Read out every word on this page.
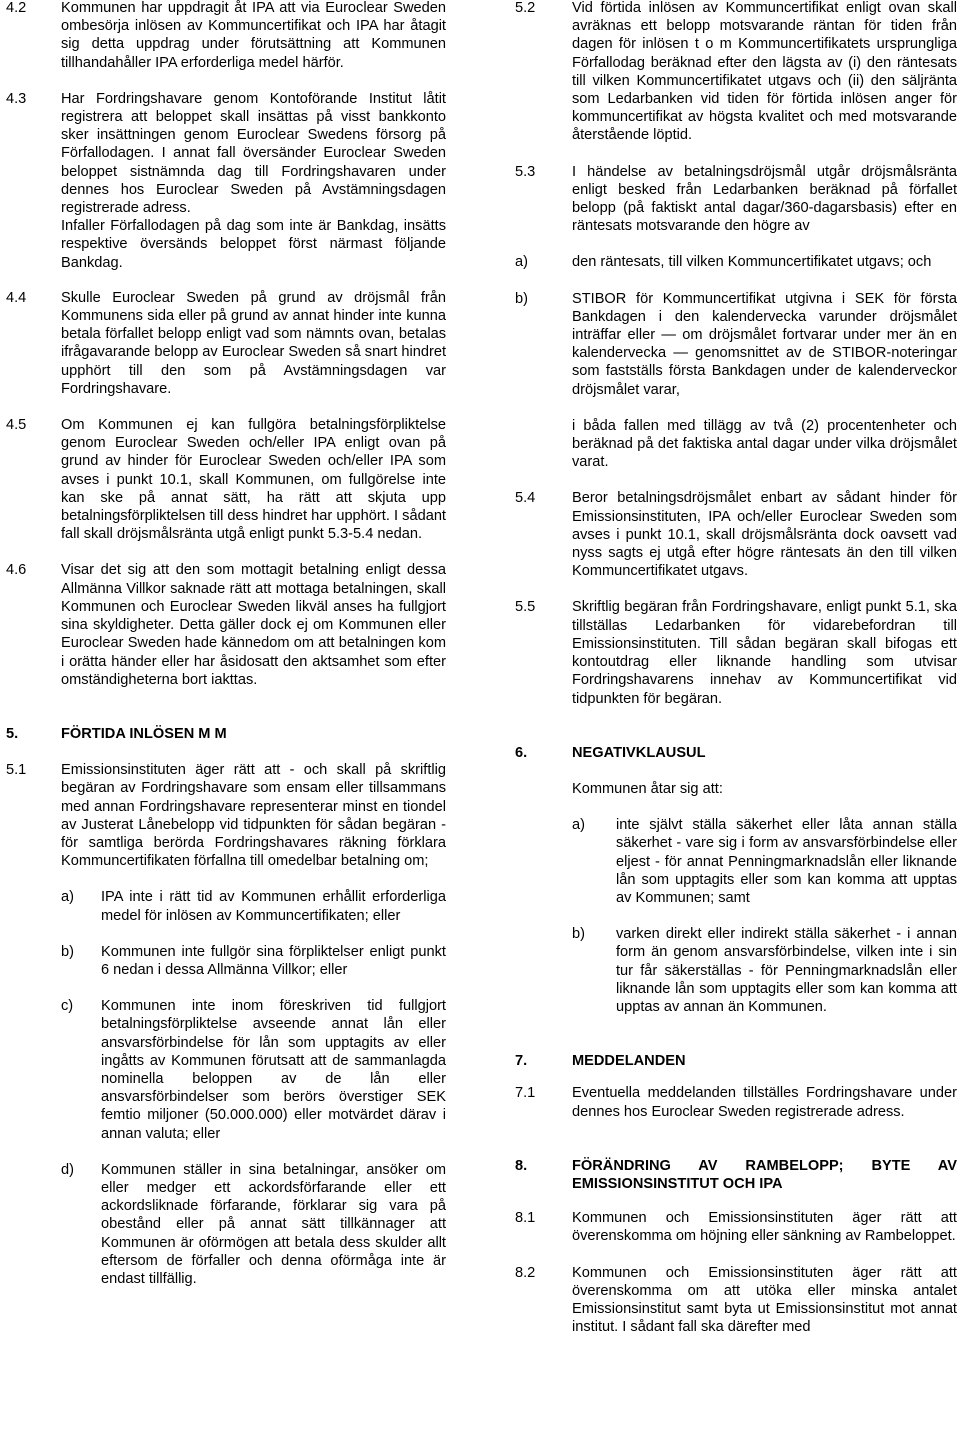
4.2	Kommunen har uppdragit åt IPA att via Euroclear Sweden ombesörja inlösen av Kommuncertifikat och IPA har åtagit sig detta uppdrag under förutsättning att Kommunen tillhandahåller IPA erforderliga medel härför.

4.3	Har Fordringshavare genom Kontoförande Institut låtit registrera att beloppet skall insättas på visst bankkonto sker insättningen genom Euroclear Swedens försorg på Förfallodagen. I annat fall översänder Euroclear Sweden beloppet sistnämnda dag till Fordringshavaren under dennes hos Euroclear Sweden på Avstämningsdagen registrerade adress.

Infaller Förfallodagen på dag som inte är Bankdag, insätts respektive översänds beloppet först närmast följande Bankdag.

4.4	Skulle Euroclear Sweden på grund av dröjsmål från Kommunens sida eller på grund av annat hinder inte kunna betala förfallet belopp enligt vad som nämnts ovan, betalas ifrågavarande belopp av Euroclear Sweden så snart hindret upphört till den som på Avstämningsdagen var Fordringshavare.

4.5	Om Kommunen ej kan fullgöra betalningsförpliktelse genom Euroclear Sweden och/eller IPA enligt ovan på grund av hinder för Euroclear Sweden och/eller IPA som avses i punkt 10.1, skall Kommunen, om fullgörelse inte kan ske på annat sätt, ha rätt att skjuta upp betalningsförpliktelsen till dess hindret har upphört. I sådant fall skall dröjsmålsränta utgå enligt punkt 5.3-5.4 nedan.

4.6	Visar det sig att den som mottagit betalning enligt dessa Allmänna Villkor saknade rätt att mottaga betalningen, skall Kommunen och Euroclear Sweden likväl anses ha fullgjort sina skyldigheter. Detta gäller dock ej om Kommunen eller Euroclear Sweden hade kännedom om att betalningen kom i orätta händer eller har åsidosatt den aktsamhet som efter omständigheterna bort iakttas.

5.	FÖRTIDA INLÖSEN M M
5.1	Emissionsinstituten äger rätt att - och skall på skriftlig begäran av Fordringshavare som ensam eller tillsammans med annan Fordringshavare representerar minst en tiondel av Justerat Lånebelopp vid tidpunkten för sådan begäran - för samtliga berörda Fordringshavares räkning förklara Kommuncertifikaten förfallna till omedelbar betalning om;

a)	IPA inte i rätt tid av Kommunen erhållit erforderliga medel för inlösen av Kommuncertifikaten; eller
b)	Kommunen inte fullgör sina förpliktelser enligt punkt 6 nedan i dessa Allmänna Villkor; eller
c)	Kommunen inte inom föreskriven tid fullgjort betalningsförpliktelse avseende annat lån eller ansvarsförbindelse för lån som upptagits av eller ingåtts av Kommunen förutsatt att de sammanlagda nominella beloppen av de lån eller ansvarsförbindelser som berörs överstiger SEK femtio miljoner (50.000.000) eller motvärdet därav i annan valuta; eller
d)	Kommunen ställer in sina betalningar, ansöker om eller medger ett ackordsförfarande eller ett ackordsliknade förfarande, förklarar sig vara på obestånd eller på annat sätt tillkännager att Kommunen är oförmögen att betala dess skulder allt eftersom de förfaller och denna oförmåga inte är endast tillfällig.
5.2	Vid förtida inlösen av Kommuncertifikat enligt ovan skall avräknas ett belopp motsvarande räntan för tiden från dagen för inlösen t o m Kommuncertifikatets ursprungliga Förfallodag beräknad efter den lägsta av (i) den räntesats till vilken Kommuncertifikatet utgavs och (ii) den säljränta som Ledarbanken vid tiden för förtida inlösen anger för kommuncertifikat av högsta kvalitet och med motsvarande återstående löptid.

5.3	I händelse av betalningsdröjsmål utgår dröjsmålsränta enligt besked från Ledarbanken beräknad på förfallet belopp (på faktiskt antal dagar/360-dagarsbasis) efter en räntesats motsvarande den högre av

a)	den räntesats, till vilken Kommuncertifikatet utgavs; och

b)	STIBOR för Kommuncertifikat utgivna i SEK för första Bankdagen i den kalendervecka varunder dröjsmålet inträffar eller — om dröjsmålet fortvarar under mer än en kalendervecka — genomsnittet av de STIBOR-noteringar som fastställs första Bankdagen under de kalenderveckor dröjsmålet varar,

i båda fallen med tillägg av två (2) procentenheter och beräknad på det faktiska antal dagar under vilka dröjsmålet varat.

5.4	Beror betalningsdröjsmålet enbart av sådant hinder för Emissionsinstituten, IPA och/eller Euroclear Sweden som avses i punkt 10.1, skall dröjsmålsränta dock oavsett vad nyss sagts ej utgå efter högre räntesats än den till vilken Kommuncertifikatet utgavs.

5.5	Skriftlig begäran från Fordringshavare, enligt punkt 5.1, ska tillställas Ledarbanken för vidarebefordran till Emissionsinstituten. Till sådan begäran skall bifogas ett kontoutdrag eller liknande handling som utvisar Fordringshavarens innehav av Kommuncertifikat vid tidpunkten för begäran.

6.	NEGATIVKLAUSUL

Kommunen åtar sig att:

a)	inte självt ställa säkerhet eller låta annan ställa säkerhet - vare sig i form av ansvarsförbindelse eller eljest - för annat Penningmarknadslån eller liknande lån som upptagits eller som kan komma att upptas av Kommunen; samt
b)	varken direkt eller indirekt ställa säkerhet - i annan form än genom ansvarsförbindelse, vilken inte i sin tur får säkerställas - för Penningmarknadslån eller liknande lån som upptagits eller som kan komma att upptas av annan än Kommunen.
7.	MEDDELANDEN
7.1	Eventuella meddelanden tillställes Fordringshavare under dennes hos Euroclear Sweden registrerade adress.

8.	FÖRÄNDRING AV RAMBELOPP; BYTE AV EMISSIONSINSTITUT OCH IPA
8.1	Kommunen och Emissionsinstituten äger rätt att överenskomma om höjning eller sänkning av Rambeloppet.

8.2	Kommunen och Emissionsinstituten äger rätt att överenskomma om att utöka eller minska antalet Emissionsinstitut samt byta ut Emissionsinstitut mot annat institut. I sådant fall ska därefter med
